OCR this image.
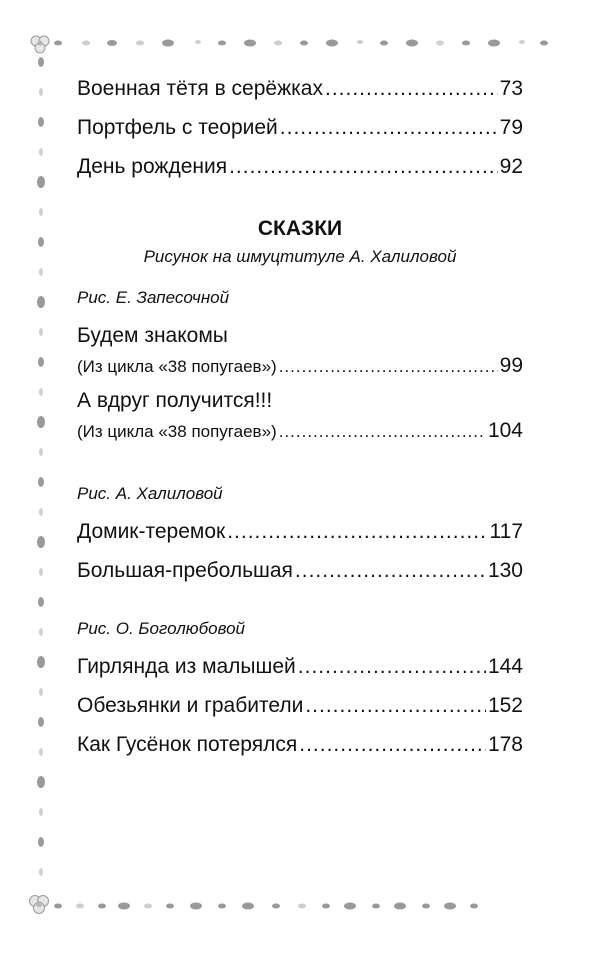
Военная тётя в серёжках .....	73
Портфель с теорией .....	79
День рождения .....	92
СКАЗКИ
Рисунок на шмуцтитуле А. Халиловой
Рис. Е. Запесочной
Будем знакомы
(Из цикла «38 попугаев») .....	99
А вдруг получится!!!
(Из цикла «38 попугаев») .....	104
Рис. А. Халиловой
Домик-теремок .....	117
Большая-пребольшая .....	130
Рис. О. Боголюбовой
Гирлянда из малышей .....	144
Обезьянки и грабители .....	152
Как Гусёнок потерялся .....	178
